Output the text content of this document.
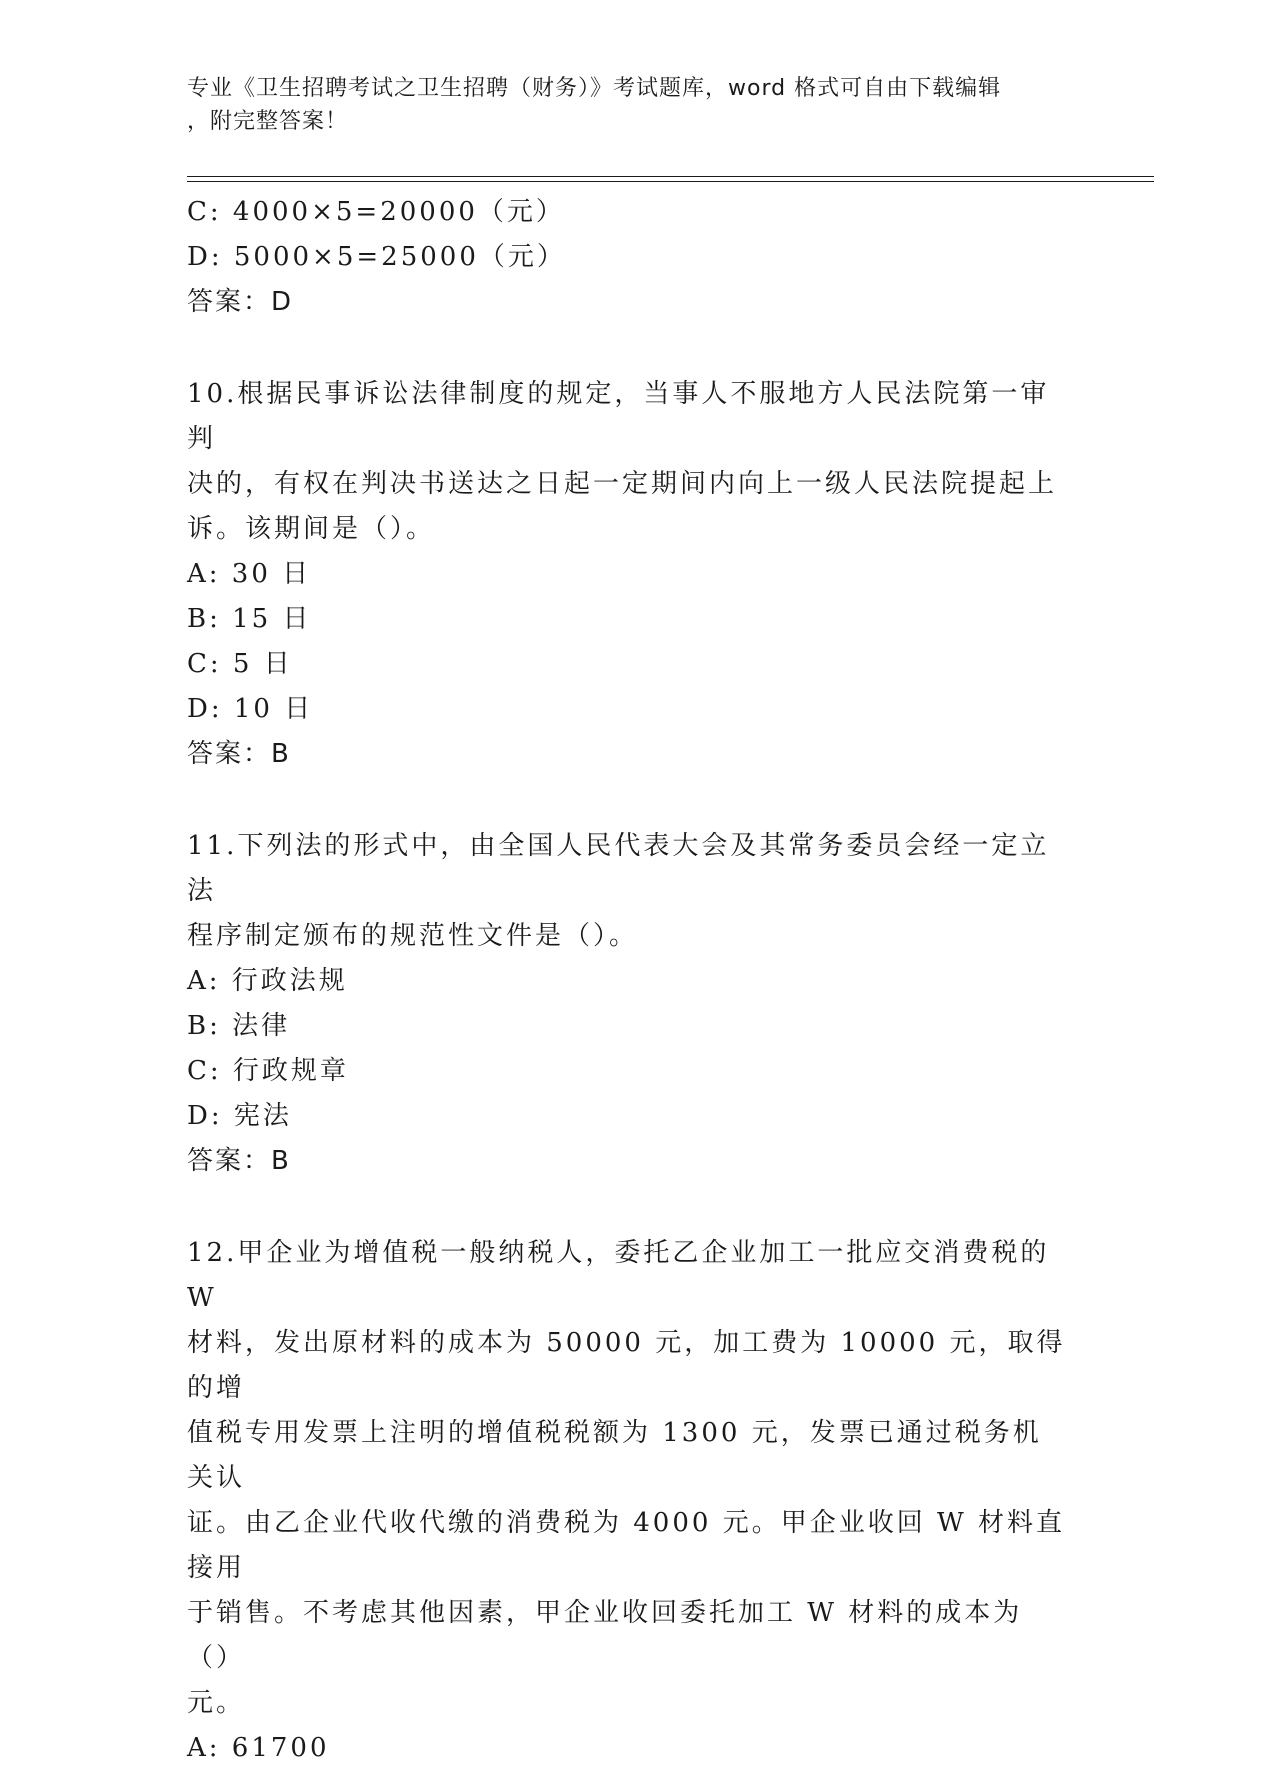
专业《卫生招聘考试之卫生招聘（财务）》考试题库，word 格式可自由下载编辑
，附完整答案！
C: 4000×5=20000（元）
D: 5000×5=25000（元）
答案：D
10.根据民事诉讼法律制度的规定，当事人不服地方人民法院第一审判
决的，有权在判决书送达之日起一定期间内向上一级人民法院提起上
诉。该期间是（）。
A: 30 日
B: 15 日
C: 5 日
D: 10 日
答案：B
11.下列法的形式中，由全国人民代表大会及其常务委员会经一定立法
程序制定颁布的规范性文件是（）。
A: 行政法规
B: 法律
C: 行政规章
D: 宪法
答案：B
12.甲企业为增值税一般纳税人，委托乙企业加工一批应交消费税的 W
材料，发出原材料的成本为 50000 元，加工费为 10000 元，取得的增
值税专用发票上注明的增值税税额为 1300 元，发票已通过税务机关认
证。由乙企业代收代缴的消费税为 4000 元。甲企业收回 W 材料直接用
于销售。不考虑其他因素，甲企业收回委托加工 W 材料的成本为（）
元。
A: 61700
